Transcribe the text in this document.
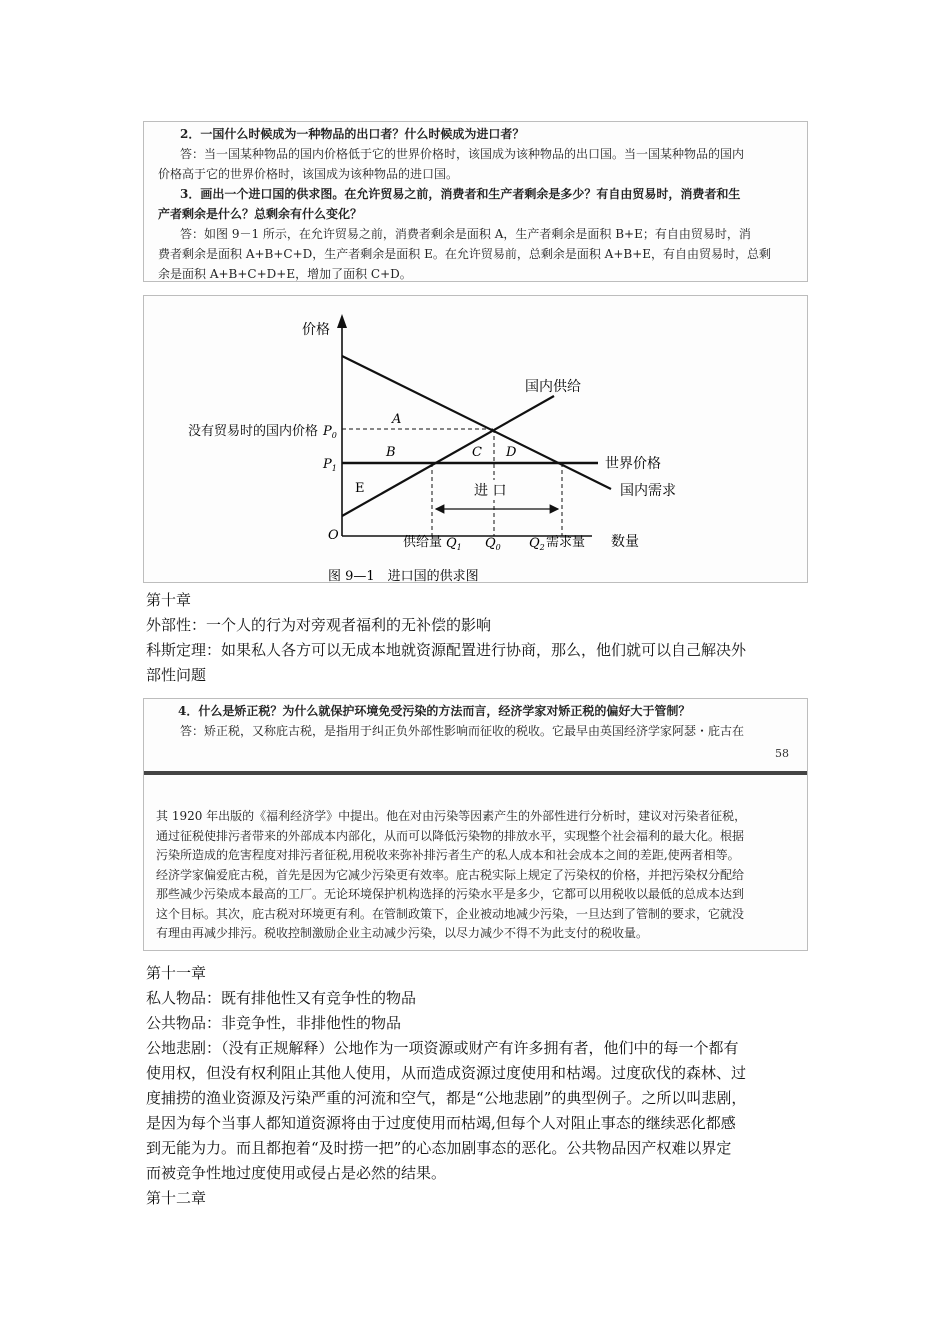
2．一国什么时候成为一种物品的出口者？什么时候成为进口者？

答：当一国某种物品的国内价格低于它的世界价格时，该国成为该种物品的出口国。当一国某种物品的国内

价格高于它的世界价格时，该国成为该种物品的进口国。

3．画出一个进口国的供求图。在允许贸易之前，消费者和生产者剩余是多少？有自由贸易时，消费者和生

产者剩余是什么？总剩余有什么变化？

答：如图 9－1 所示，在允许贸易之前，消费者剩余是面积 A，生产者剩余是面积 B+E；有自由贸易时，消

费者剩余是面积 A+B+C+D，生产者剩余是面积 E。在允许贸易前，总剩余是面积 A+B+E，有自由贸易时，总剩

余是面积 A+B+C+D+E，增加了面积 C+D。

价格
O
进 口
国内供给
国内需求
世界价格
没有贸易时的国内价格 $P_0$
$P_1$
A
B	C D
E
供给量 $Q_1$ $Q_0$ $Q_2$ 需求量 数量
图 9—1　进口国的供求图

第十章

外部性：一个人的行为对旁观者福利的无补偿的影响

科斯定理：如果私人各方可以无成本地就资源配置进行协商，那么，他们就可以自己解决外

部性问题

4．什么是矫正税？为什么就保护环境免受污染的方法而言，经济学家对矫正税的偏好大于管制？

答：矫正税，又称庇古税，是指用于纠正负外部性影响而征收的税收。它最早由英国经济学家阿瑟・庇古在

58

其 1920 年出版的《福利经济学》中提出。他在对由污染等因素产生的外部性进行分析时，建议对污染者征税，

通过征税使排污者带来的外部成本内部化，从而可以降低污染物的排放水平，实现整个社会福利的最大化。根据

污染所造成的危害程度对排污者征税,用税收来弥补排污者生产的私人成本和社会成本之间的差距,使两者相等。

经济学家偏爱庇古税，首先是因为它减少污染更有效率。庇古税实际上规定了污染权的价格，并把污染权分配给

那些减少污染成本最高的工厂。无论环境保护机构选择的污染水平是多少，它都可以用税收以最低的总成本达到

这个目标。其次，庇古税对环境更有利。在管制政策下，企业被动地减少污染，一旦达到了管制的要求，它就没

有理由再减少排污。税收控制激励企业主动减少污染，以尽力减少不得不为此支付的税收量。

第十一章

私人物品：既有排他性又有竞争性的物品

公共物品：非竞争性，非排他性的物品

公地悲剧：（没有正规解释）公地作为一项资源或财产有许多拥有者，他们中的每一个都有

使用权，但没有权利阻止其他人使用，从而造成资源过度使用和枯竭。过度砍伐的森林、过

度捕捞的渔业资源及污染严重的河流和空气，都是“公地悲剧”的典型例子。之所以叫悲剧，

是因为每个当事人都知道资源将由于过度使用而枯竭,但每个人对阻止事态的继续恶化都感

到无能为力。而且都抱着“及时捞一把”的心态加剧事态的恶化。公共物品因产权难以界定

而被竞争性地过度使用或侵占是必然的结果。

第十二章
